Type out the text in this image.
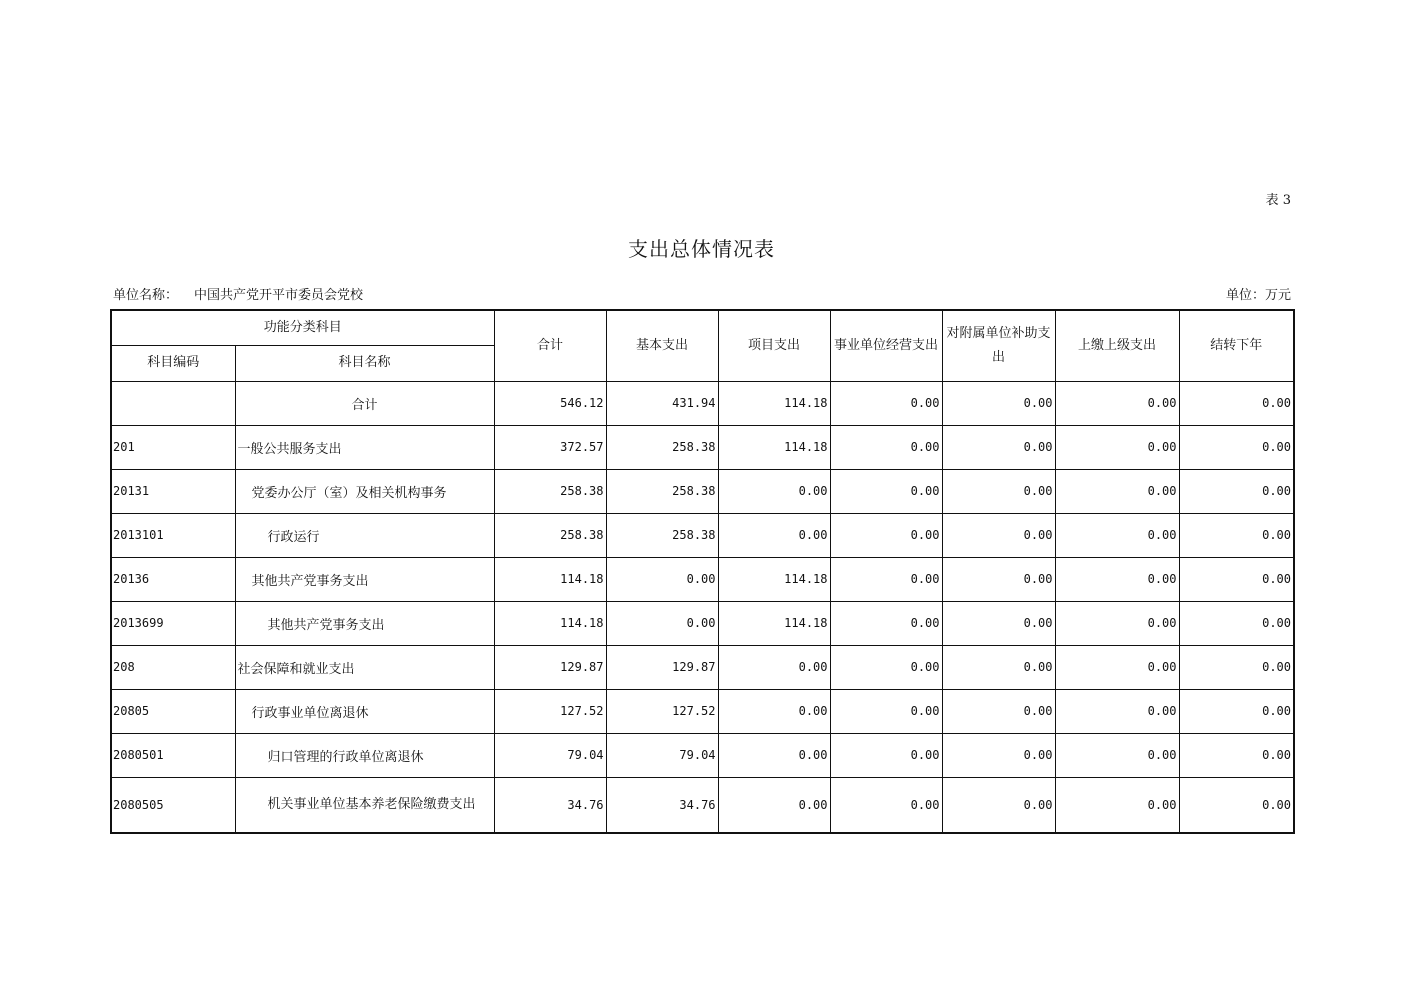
表 3
支出总体情况表
单位名称： 中国共产党开平市委员会党校	单位：万元
功能分类科目		合计	基本支出	项目支出	事业单位经营支出	对附属单位补助支出	上缴上级支出	结转下年
科目编码	科目名称							
	合计	546.12	431.94	114.18	0.00	0.00	0.00	0.00
201	一般公共服务支出	372.57	258.38	114.18	0.00	0.00	0.00	0.00
20131	党委办公厅（室）及相关机构事务	258.38	258.38	0.00	0.00	0.00	0.00	0.00
2013101	行政运行	258.38	258.38	0.00	0.00	0.00	0.00	0.00
20136	其他共产党事务支出	114.18	0.00	114.18	0.00	0.00	0.00	0.00
2013699	其他共产党事务支出	114.18	0.00	114.18	0.00	0.00	0.00	0.00
208	社会保障和就业支出	129.87	129.87	0.00	0.00	0.00	0.00	0.00
20805	行政事业单位离退休	127.52	127.52	0.00	0.00	0.00	0.00	0.00
2080501	归口管理的行政单位离退休	79.04	79.04	0.00	0.00	0.00	0.00	0.00
2080505	机关事业单位基本养老保险缴费支出	34.76	34.76	0.00	0.00	0.00	0.00	0.00
